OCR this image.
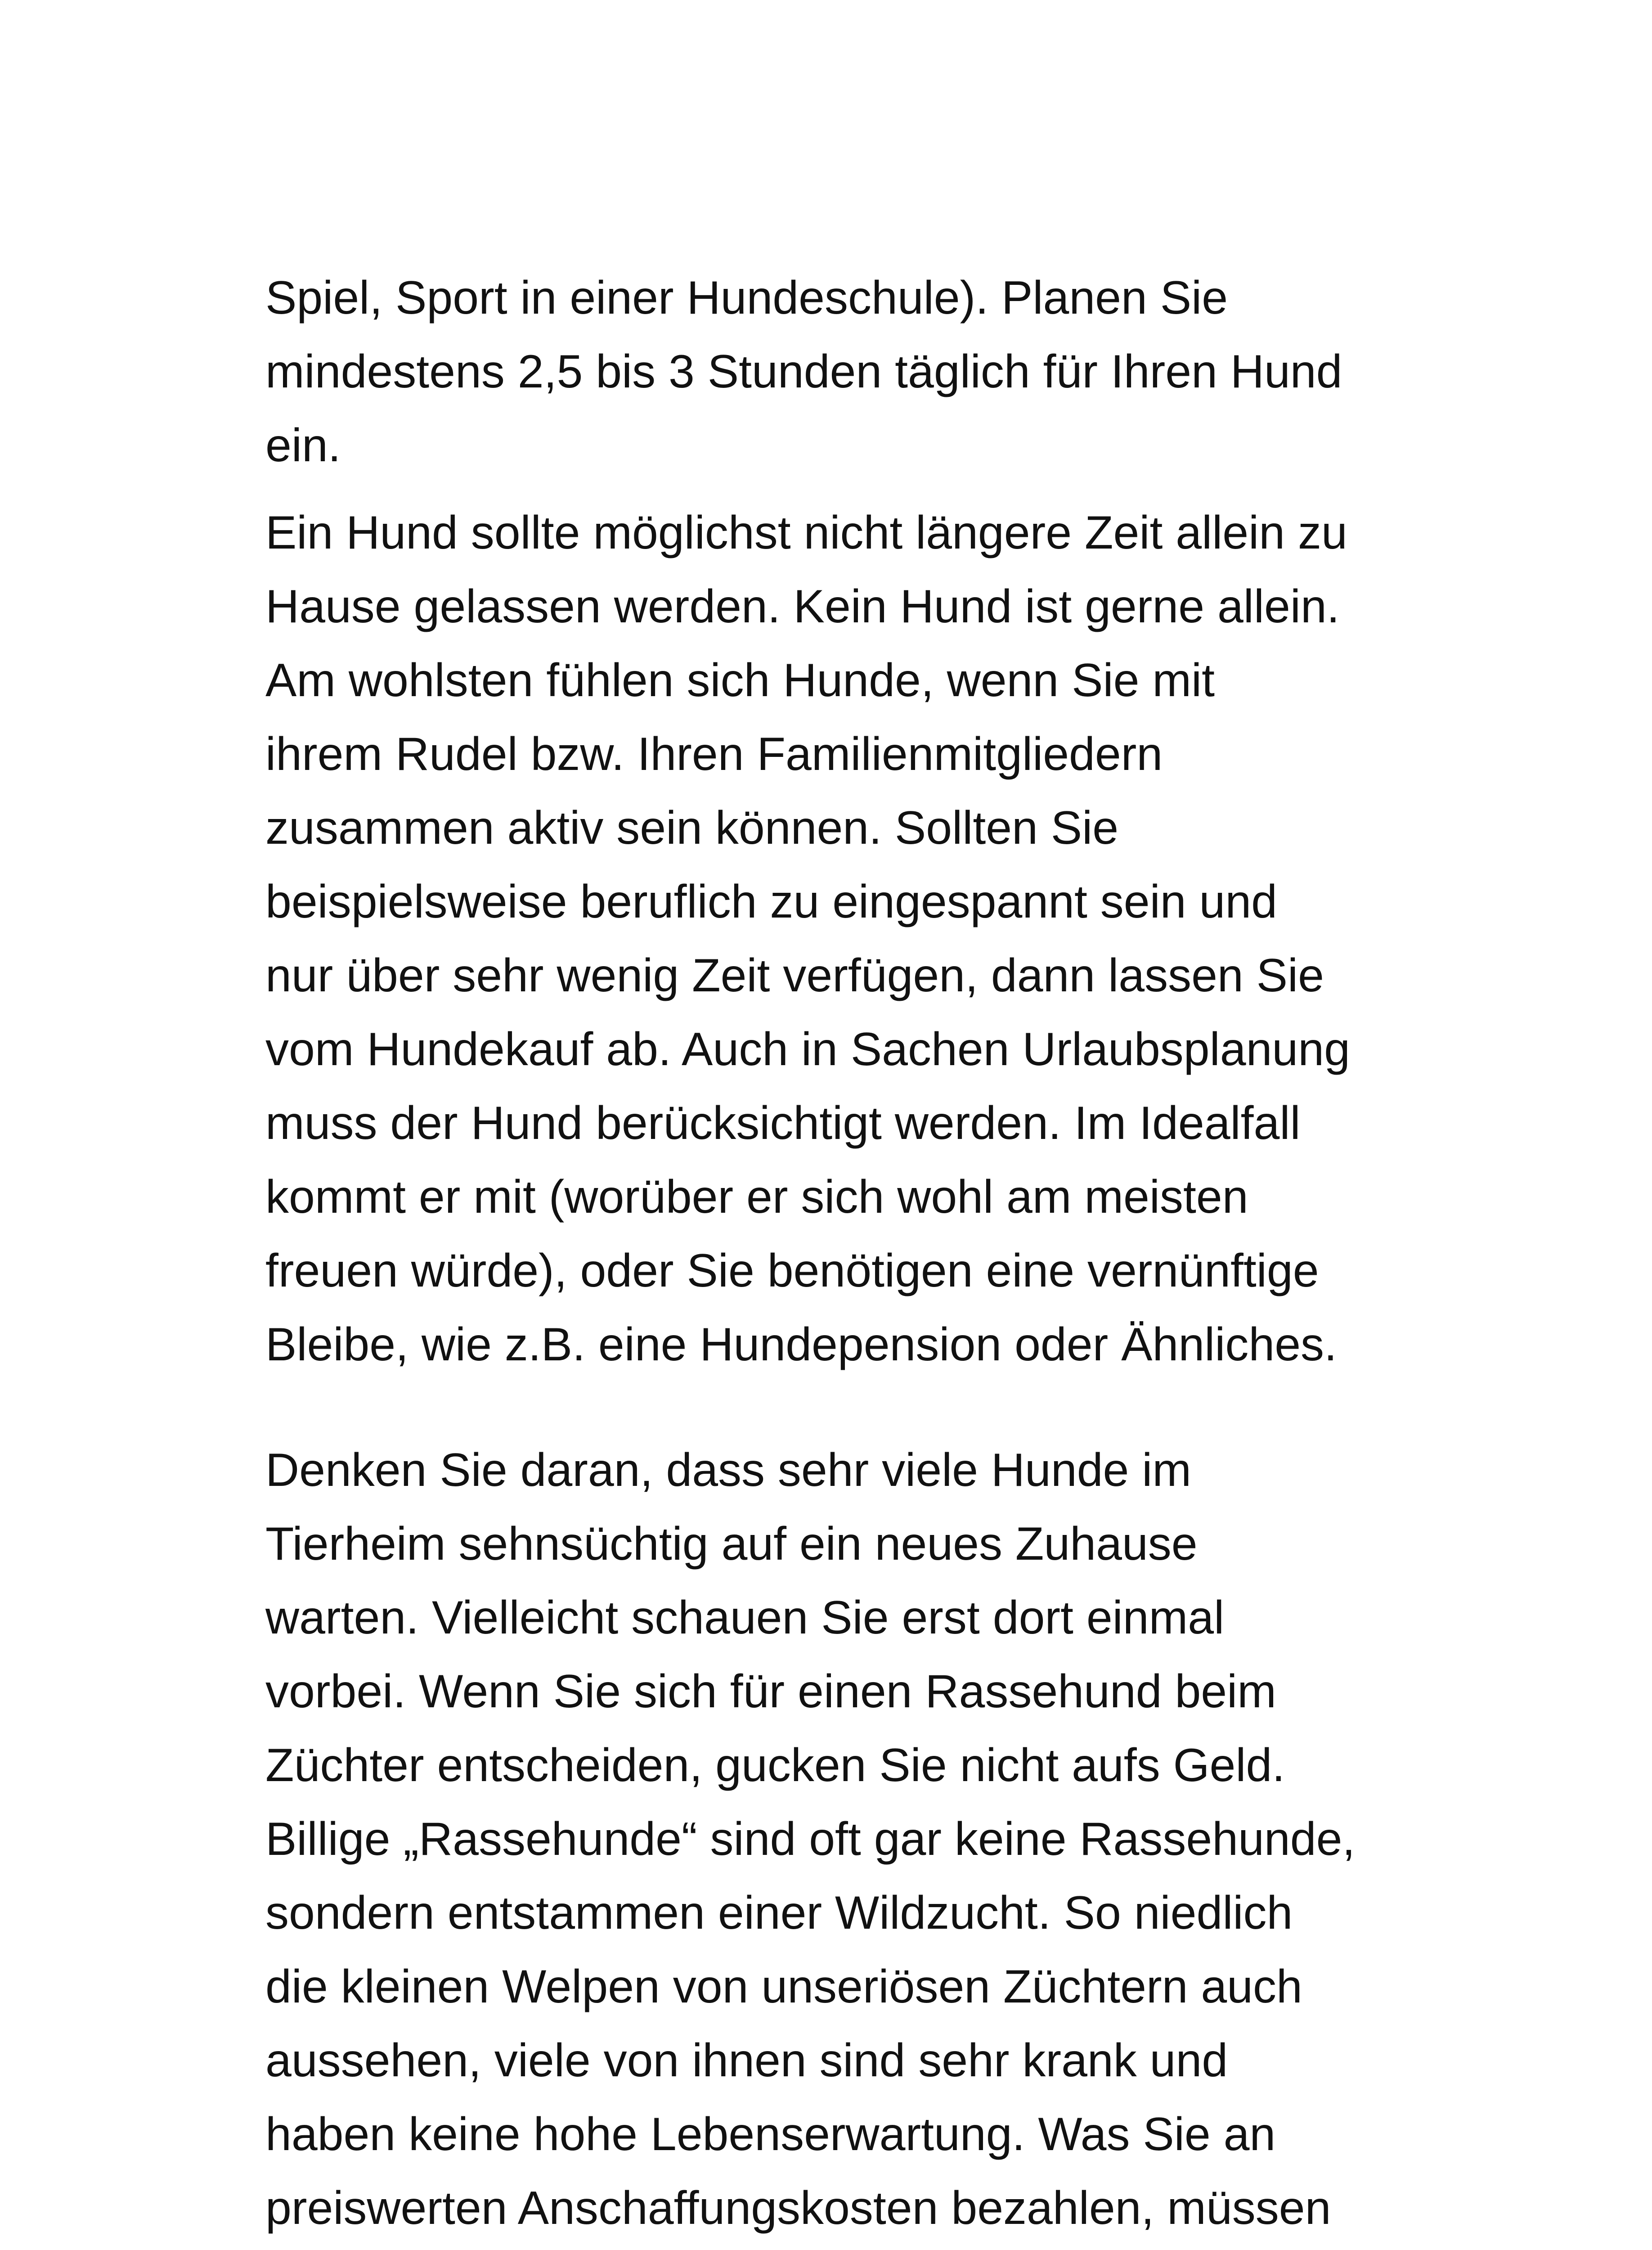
Spiel, Sport in einer Hundeschule). Planen Sie
mindestens 2,5 bis 3 Stunden täglich für Ihren Hund
ein.

Ein Hund sollte möglichst nicht längere Zeit allein zu
Hause gelassen werden. Kein Hund ist gerne allein.
Am wohlsten fühlen sich Hunde, wenn Sie mit
ihrem Rudel bzw. Ihren Familienmitgliedern
zusammen aktiv sein können. Sollten Sie
beispielsweise beruflich zu eingespannt sein und
nur über sehr wenig Zeit verfügen, dann lassen Sie
vom Hundekauf ab. Auch in Sachen Urlaubsplanung
muss der Hund berücksichtigt werden. Im Idealfall
kommt er mit (worüber er sich wohl am meisten
freuen würde), oder Sie benötigen eine vernünftige
Bleibe, wie z.B. eine Hundepension oder Ähnliches.

Denken Sie daran, dass sehr viele Hunde im
Tierheim sehnsüchtig auf ein neues Zuhause
warten. Vielleicht schauen Sie erst dort einmal
vorbei. Wenn Sie sich für einen Rassehund beim
Züchter entscheiden, gucken Sie nicht aufs Geld.
Billige „Rassehunde“ sind oft gar keine Rassehunde,
sondern entstammen einer Wildzucht. So niedlich
die kleinen Welpen von unseriösen Züchtern auch
aussehen, viele von ihnen sind sehr krank und
haben keine hohe Lebenserwartung. Was Sie an
preiswerten Anschaffungskosten bezahlen, müssen
